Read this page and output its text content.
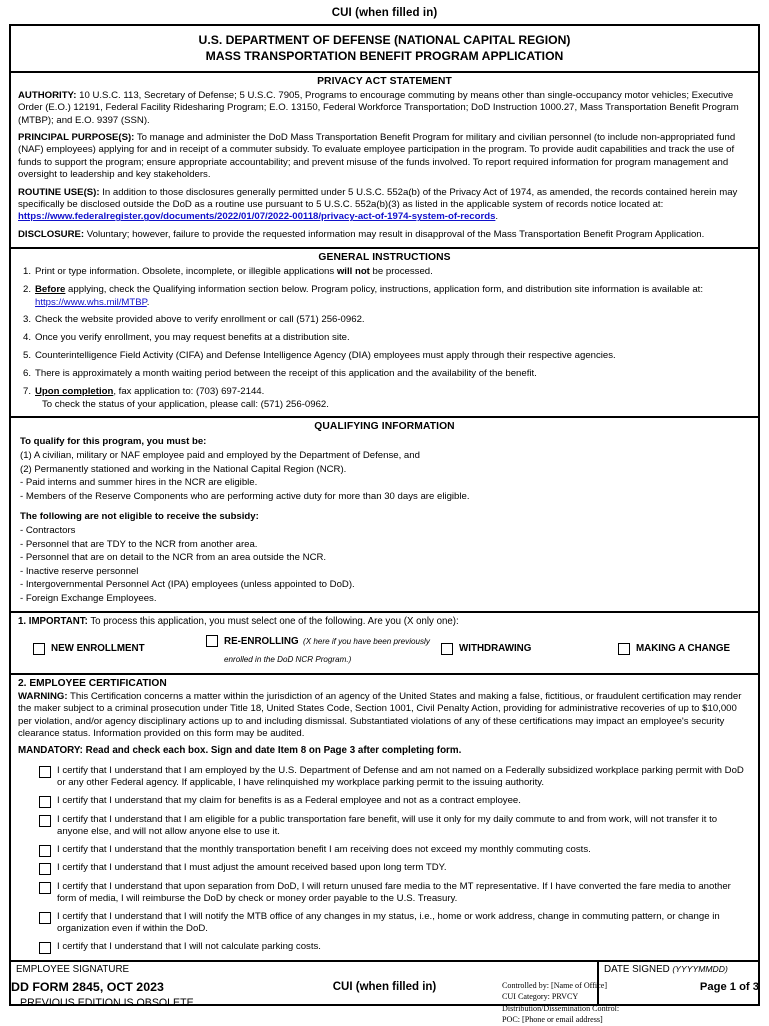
CUI (when filled in)
U.S. DEPARTMENT OF DEFENSE (NATIONAL CAPITAL REGION)
MASS TRANSPORTATION BENEFIT PROGRAM APPLICATION
PRIVACY ACT STATEMENT

AUTHORITY: 10 U.S.C. 113, Secretary of Defense; 5 U.S.C. 7905, Programs to encourage commuting by means other than single-occupancy motor vehicles; Executive Order (E.O.) 12191, Federal Facility Ridesharing Program; E.O. 13150, Federal Workforce Transportation; DoD Instruction 1000.27, Mass Transportation Benefit Program (MTBP); and E.O. 9397 (SSN).

PRINCIPAL PURPOSE(S): To manage and administer the DoD Mass Transportation Benefit Program for military and civilian personnel (to include non-appropriated fund (NAF) employees) applying for and in receipt of a commuter subsidy. To evaluate employee participation in the program. To provide audit capabilities and track the use of funds to support the program; ensure appropriate accountability; and prevent misuse of the funds involved. To report required information for program management and oversight to leadership and key stakeholders.

ROUTINE USE(S): In addition to those disclosures generally permitted under 5 U.S.C. 552a(b) of the Privacy Act of 1974, as amended, the records contained herein may specifically be disclosed outside the DoD as a routine use pursuant to 5 U.S.C. 552a(b)(3) as listed in the applicable system of records notice located at: https://www.federalregister.gov/documents/2022/01/07/2022-00118/privacy-act-of-1974-system-of-records.

DISCLOSURE: Voluntary; however, failure to provide the requested information may result in disapproval of the Mass Transportation Benefit Program Application.

GENERAL INSTRUCTIONS
1. Print or type information. Obsolete, incomplete, or illegible applications will not be processed.
2. Before applying, check the Qualifying information section below. Program policy, instructions, application form, and distribution site information is available at:
https://www.whs.mil/MTBP.
3. Check the website provided above to verify enrollment or call (571) 256-0962.
4. Once you verify enrollment, you may request benefits at a distribution site.
5. Counterintelligence Field Activity (CIFA) and Defense Intelligence Agency (DIA) employees must apply through their respective agencies.
6. There is approximately a month waiting period between the receipt of this application and the availability of the benefit.
7. Upon completion, fax application to: (703) 697-2144.
To check the status of your application, please call: (571) 256-0962.
QUALIFYING INFORMATION
To qualify for this program, you must be:
(1) A civilian, military or NAF employee paid and employed by the Department of Defense, and
(2) Permanently stationed and working in the National Capital Region (NCR).
- Paid interns and summer hires in the NCR are eligible.
- Members of the Reserve Components who are performing active duty for more than 30 days are eligible.
The following are not eligible to receive the subsidy:
- Contractors
- Personnel that are TDY to the NCR from another area.
- Personnel that are on detail to the NCR from an area outside the NCR.
- Inactive reserve personnel
- Intergovernmental Personnel Act (IPA) employees (unless appointed to DoD).
- Foreign Exchange Employees.
1. IMPORTANT: To process this application, you must select one of the following. Are you (X only one):
NEW ENROLLMENT
RE-ENROLLING (X here if you have been previously enrolled in the DoD NCR Program.)
WITHDRAWING	MAKING A CHANGE
2. EMPLOYEE CERTIFICATION

WARNING: This Certification concerns a matter within the jurisdiction of an agency of the United States and making a false, fictitious, or fraudulent certification may render the maker subject to a criminal prosecution under Title 18, United States Code, Section 1001, Civil Penalty Action, providing for administrative recoveries of up to $10,000 per violation, and/or agency disciplinary actions up to and including dismissal. Substantiated violations of any of these certifications may impact an employee's security clearance status. Information provided on this form may be audited.

MANDATORY: Read and check each box. Sign and date Item 8 on Page 3 after completing form.

I certify that I understand that I am employed by the U.S. Department of Defense and am not named on a Federally subsidized workplace parking permit with DoD or any other Federal agency. If applicable, I have relinquished my workplace parking permit to the issuing authority.
I certify that I understand that my claim for benefits is as a Federal employee and not as a contract employee.
I certify that I understand that I am eligible for a public transportation fare benefit, will use it only for my daily commute to and from work, will not transfer it to anyone else, and will not allow anyone else to use it.
I certify that I understand that the monthly transportation benefit I am receiving does not exceed my monthly commuting costs.
I certify that I understand that I must adjust the amount received based upon long term TDY.
I certify that I understand that upon separation from DoD, I will return unused fare media to the MT representative. If I have converted the fare media to another form of media, I will reimburse the DoD by check or money order payable to the U.S. Treasury.
I certify that I understand that I will notify the MTB office of any changes in my status, i.e., home or work address, change in commuting pattern, or change in organization even if within the DoD.
I certify that I understand that I will not calculate parking costs.
EMPLOYEE SIGNATURE	DATE SIGNED (YYYYMMDD)
DD FORM 2845, OCT 2023
PREVIOUS EDITION IS OBSOLETE.
CUI (when filled in)	Controlled by: [Name of Office]
CUI Category: PRVCY
Distribution/Dissemination Control:
POC: [Phone or email address]
Page 1 of 3
